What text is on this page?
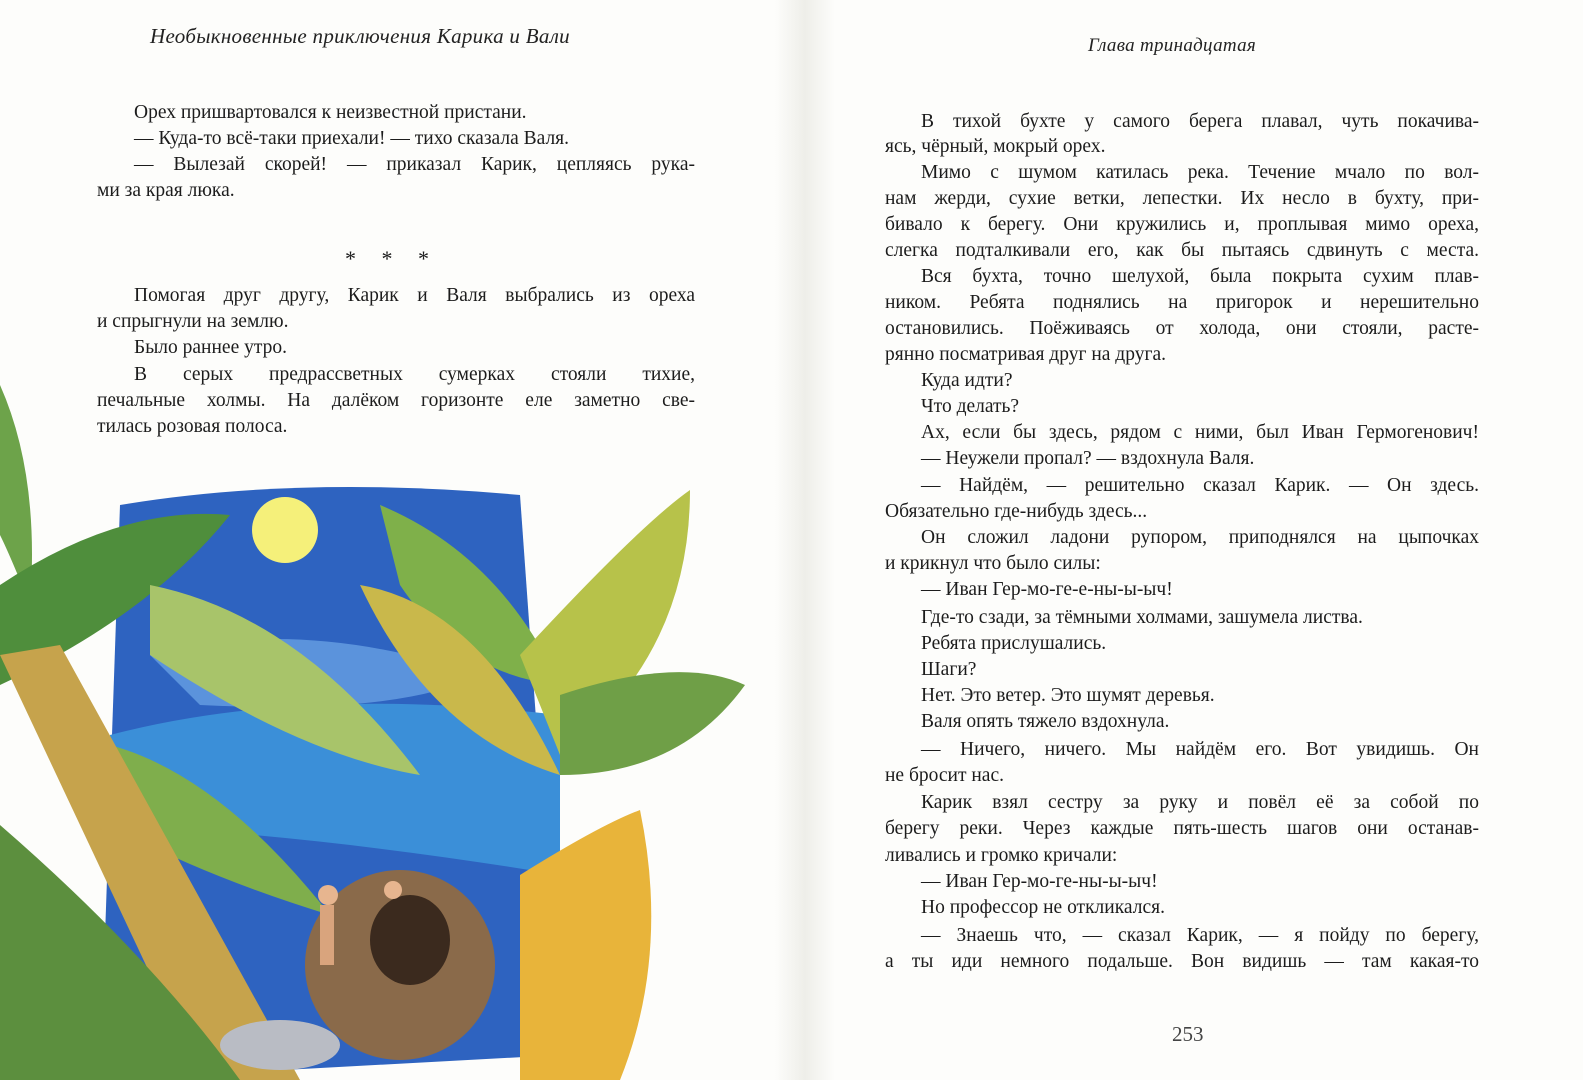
Необыкновенные приключения Карика и Вали	Глава тринадцатая
Орех пришвартовался к неизвестной пристани.
— Куда-то всё-таки приехали! — тихо сказала Валя.
— Вылезай скорей! — приказал Карик, цепляясь рука-
ми за края люка.
* * *
Помогая друг другу, Карик и Валя выбрались из ореха
и спрыгнули на землю.
Было раннее утро.
В серых предрассветных сумерках стояли тихие,
печальные холмы. На далёком горизонте еле заметно све-
тилась розовая полоса.
В тихой бухте у самого берега плавал, чуть покачива-
ясь, чёрный, мокрый орех.
Мимо с шумом катилась река. Течение мчало по вол-
нам жерди, сухие ветки, лепестки. Их несло в бухту, при-
бивало к берегу. Они кружились и, проплывая мимо ореха,
слегка подталкивали его, как бы пытаясь сдвинуть с места.
Вся бухта, точно шелухой, была покрыта сухим плав-
ником. Ребята поднялись на пригорок и нерешительно
остановились. Поёживаясь от холода, они стояли, расте-
рянно посматривая друг на друга.
Куда идти?
Что делать?
Ах, если бы здесь, рядом с ними, был Иван Гермогенович!
— Неужели пропал? — вздохнула Валя.
— Найдём, — решительно сказал Карик. — Он здесь.
Обязательно где-нибудь здесь...
Он сложил ладони рупором, приподнялся на цыпочках
и крикнул что было силы:
— Иван Гер-мо-ге-е-ны-ы-ыч!
Где-то сзади, за тёмными холмами, зашумела листва.
Ребята прислушались.
Шаги?
Нет. Это ветер. Это шумят деревья.
Валя опять тяжело вздохнула.
— Ничего, ничего. Мы найдём его. Вот увидишь. Он
не бросит нас.
Карик взял сестру за руку и повёл её за собой по
берегу реки. Через каждые пять-шесть шагов они останав-
ливались и громко кричали:
— Иван Гер-мо-ге-ны-ы-ыч!
Но профессор не откликался.
— Знаешь что, — сказал Карик, — я пойду по берегу,
а ты иди немного подальше. Вон видишь — там какая-то
253
